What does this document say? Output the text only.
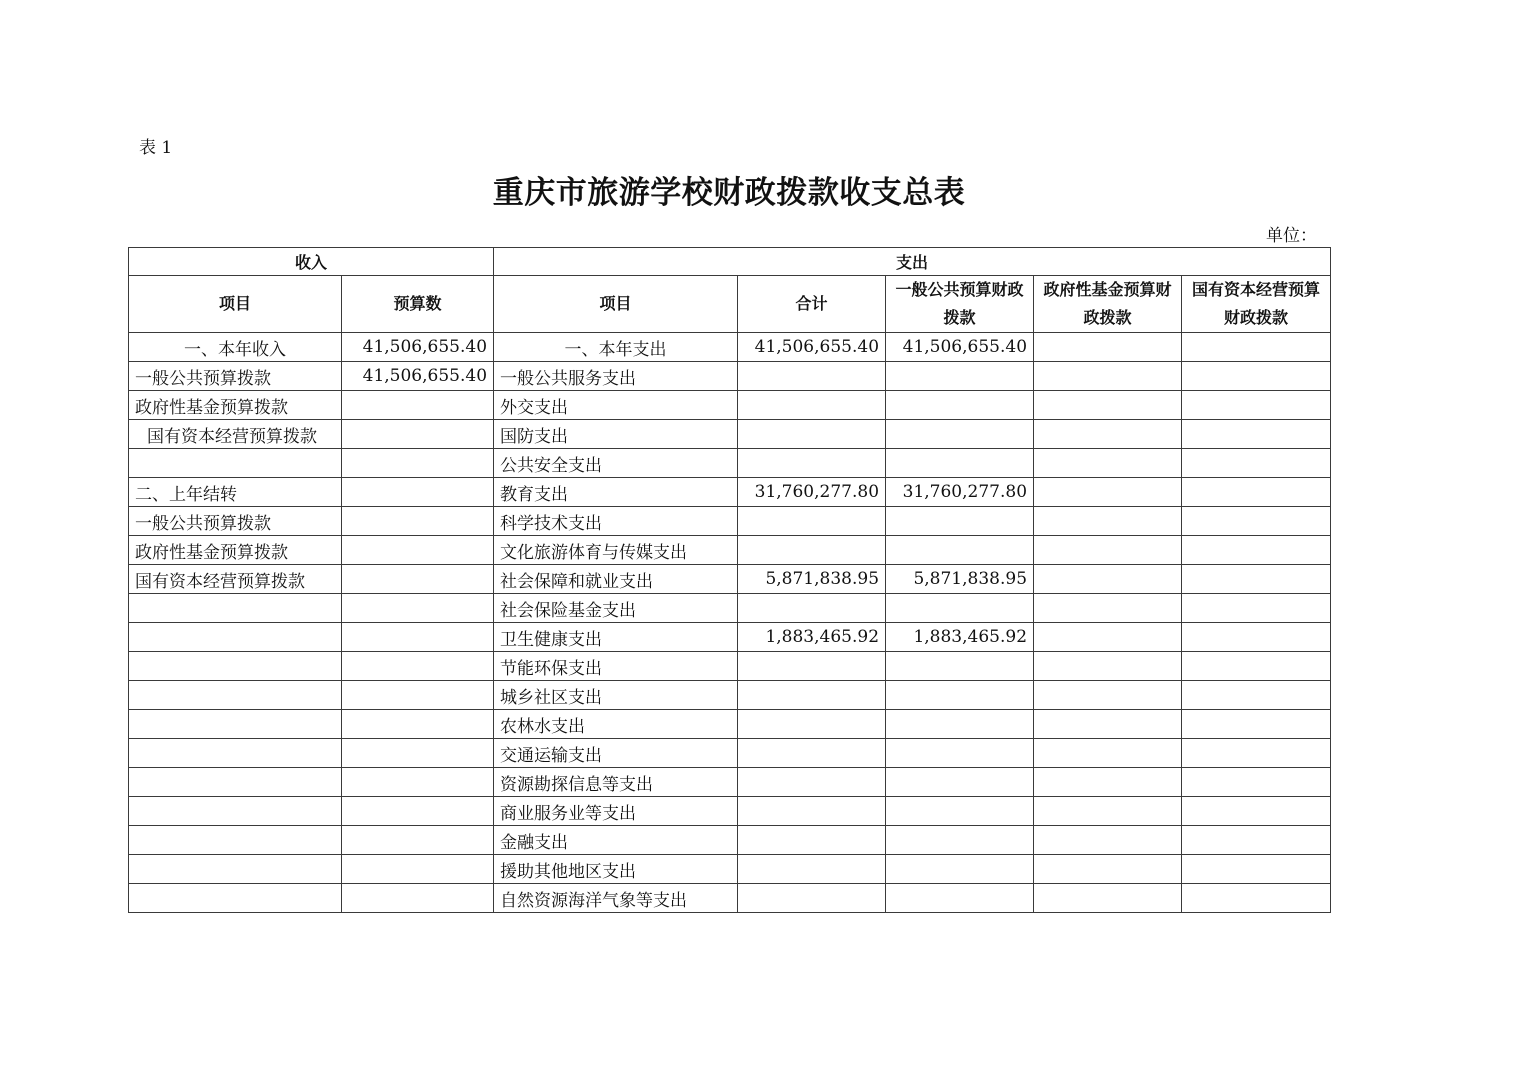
表 1
重庆市旅游学校财政拨款收支总表
单位：
收入		支出				
项目	预算数	项目	合计	一般公共预算财政拨款	政府性基金预算财政拨款	国有资本经营预算财政拨款
一、本年收入	41,506,655.40	一、本年支出	41,506,655.40	41,506,655.40		
一般公共预算拨款	41,506,655.40	一般公共服务支出				
政府性基金预算拨款		外交支出				
国有资本经营预算拨款		国防支出				
		公共安全支出				
二、上年结转		教育支出	31,760,277.80	31,760,277.80		
一般公共预算拨款		科学技术支出				
政府性基金预算拨款		文化旅游体育与传媒支出				
国有资本经营预算拨款		社会保障和就业支出	5,871,838.95	5,871,838.95		
		社会保险基金支出				
		卫生健康支出	1,883,465.92	1,883,465.92		
		节能环保支出				
		城乡社区支出				
		农林水支出				
		交通运输支出				
		资源勘探信息等支出				
		商业服务业等支出				
		金融支出				
		援助其他地区支出				
		自然资源海洋气象等支出				
